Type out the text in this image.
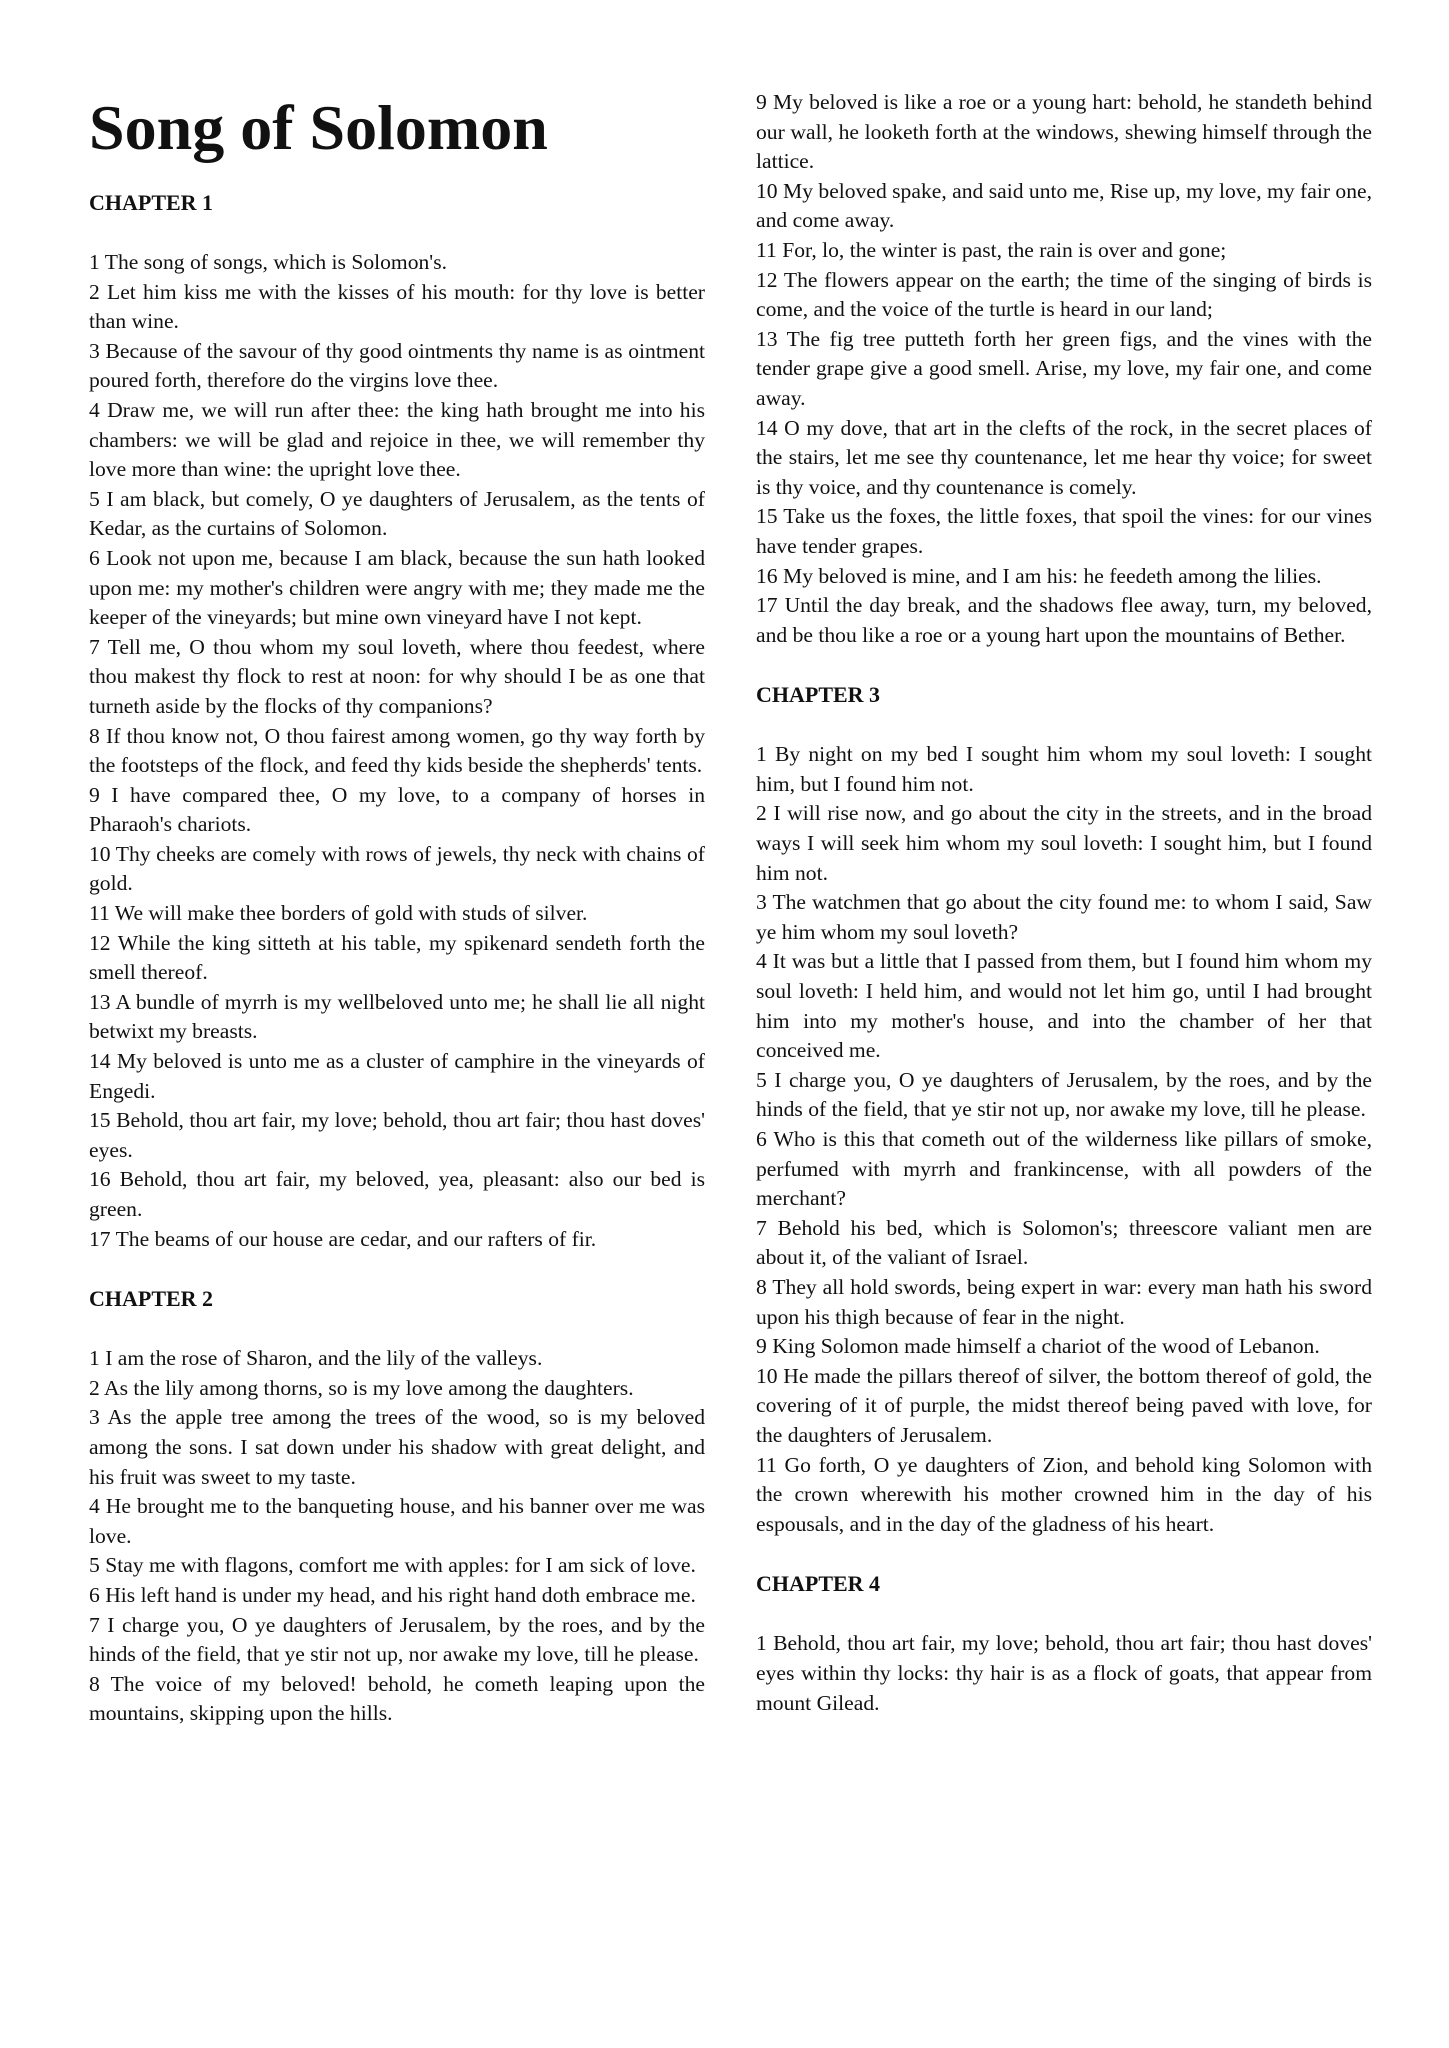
Song of Solomon
CHAPTER 1

1 The song of songs, which is Solomon's.

2 Let him kiss me with the kisses of his mouth: for thy love is better than wine.

3 Because of the savour of thy good ointments thy name is as ointment poured forth, therefore do the virgins love thee.

4 Draw me, we will run after thee: the king hath brought me into his chambers: we will be glad and rejoice in thee, we will remember thy love more than wine: the upright love thee.

5 I am black, but comely, O ye daughters of Jerusalem, as the tents of Kedar, as the curtains of Solomon.

6 Look not upon me, because I am black, because the sun hath looked upon me: my mother's children were angry with me; they made me the keeper of the vineyards; but mine own vineyard have I not kept.

7 Tell me, O thou whom my soul loveth, where thou feedest, where thou makest thy flock to rest at noon: for why should I be as one that turneth aside by the flocks of thy companions?

8 If thou know not, O thou fairest among women, go thy way forth by the footsteps of the flock, and feed thy kids beside the shepherds' tents.

9 I have compared thee, O my love, to a company of horses in Pharaoh's chariots.

10 Thy cheeks are comely with rows of jewels, thy neck with chains of gold.

11 We will make thee borders of gold with studs of silver.

12 While the king sitteth at his table, my spikenard sendeth forth the smell thereof.

13 A bundle of myrrh is my wellbeloved unto me; he shall lie all night betwixt my breasts.

14 My beloved is unto me as a cluster of camphire in the vineyards of Engedi.

15 Behold, thou art fair, my love; behold, thou art fair; thou hast doves' eyes.

16 Behold, thou art fair, my beloved, yea, pleasant: also our bed is green.

17 The beams of our house are cedar, and our rafters of fir.

CHAPTER 2

1 I am the rose of Sharon, and the lily of the valleys.

2 As the lily among thorns, so is my love among the daughters.

3 As the apple tree among the trees of the wood, so is my beloved among the sons. I sat down under his shadow with great delight, and his fruit was sweet to my taste.

4 He brought me to the banqueting house, and his banner over me was love.

5 Stay me with flagons, comfort me with apples: for I am sick of love.

6 His left hand is under my head, and his right hand doth embrace me.

7 I charge you, O ye daughters of Jerusalem, by the roes, and by the hinds of the field, that ye stir not up, nor awake my love, till he please.

8 The voice of my beloved! behold, he cometh leaping upon the mountains, skipping upon the hills.

9 My beloved is like a roe or a young hart: behold, he standeth behind our wall, he looketh forth at the windows, shewing himself through the lattice.

10 My beloved spake, and said unto me, Rise up, my love, my fair one, and come away.

11 For, lo, the winter is past, the rain is over and gone;

12 The flowers appear on the earth; the time of the singing of birds is come, and the voice of the turtle is heard in our land;

13 The fig tree putteth forth her green figs, and the vines with the tender grape give a good smell. Arise, my love, my fair one, and come away.

14 O my dove, that art in the clefts of the rock, in the secret places of the stairs, let me see thy countenance, let me hear thy voice; for sweet is thy voice, and thy countenance is comely.

15 Take us the foxes, the little foxes, that spoil the vines: for our vines have tender grapes.

16 My beloved is mine, and I am his: he feedeth among the lilies.

17 Until the day break, and the shadows flee away, turn, my beloved, and be thou like a roe or a young hart upon the mountains of Bether.

CHAPTER 3

1 By night on my bed I sought him whom my soul loveth: I sought him, but I found him not.

2 I will rise now, and go about the city in the streets, and in the broad ways I will seek him whom my soul loveth: I sought him, but I found him not.

3 The watchmen that go about the city found me: to whom I said, Saw ye him whom my soul loveth?

4 It was but a little that I passed from them, but I found him whom my soul loveth: I held him, and would not let him go, until I had brought him into my mother's house, and into the chamber of her that conceived me.

5 I charge you, O ye daughters of Jerusalem, by the roes, and by the hinds of the field, that ye stir not up, nor awake my love, till he please.

6 Who is this that cometh out of the wilderness like pillars of smoke, perfumed with myrrh and frankincense, with all powders of the merchant?

7 Behold his bed, which is Solomon's; threescore valiant men are about it, of the valiant of Israel.

8 They all hold swords, being expert in war: every man hath his sword upon his thigh because of fear in the night.

9 King Solomon made himself a chariot of the wood of Lebanon.

10 He made the pillars thereof of silver, the bottom thereof of gold, the covering of it of purple, the midst thereof being paved with love, for the daughters of Jerusalem.

11 Go forth, O ye daughters of Zion, and behold king Solomon with the crown wherewith his mother crowned him in the day of his espousals, and in the day of the gladness of his heart.

CHAPTER 4

1 Behold, thou art fair, my love; behold, thou art fair; thou hast doves' eyes within thy locks: thy hair is as a flock of goats, that appear from mount Gilead.
